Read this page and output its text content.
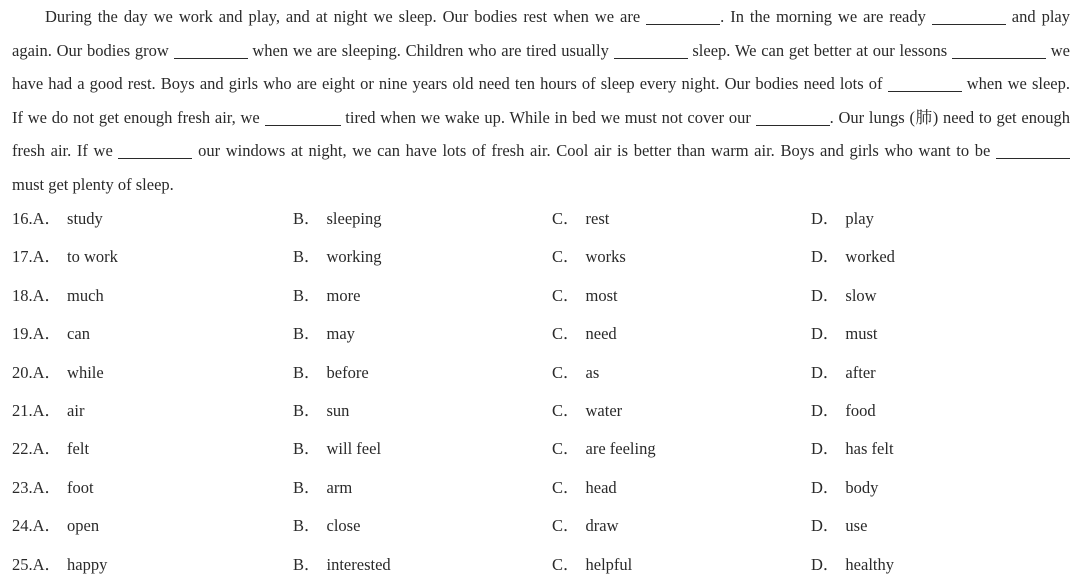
During the day we work and play, and at night we sleep. Our bodies rest when we are	. In the morning we are ready	and play
again. Our bodies grow	when we are sleeping. Children who are tired usually	sleep. We can get better at our lessons	we
have had a good rest. Boys and girls who are eight or nine years old need ten hours of sleep every night. Our bodies need lots of	when we sleep.
If we do not get enough fresh air, we	tired when we wake up. While in bed we must not cover our	. Our lungs (肺) need to get enough
fresh air. If we	our windows at night, we can have lots of fresh air. Cool air is better than warm air. Boys and girls who want to be
must get plenty of sleep.
16.A． study	B． sleeping	C． rest	D． play
17.A． to work	B． working	C． works	D． worked
18.A． much	B． more	C． most	D． slow
19.A． can	B． may	C． need	D． must
20.A． while	B． before	C． as	D． after
21.A． air	B． sun	C． water	D． food
22.A． felt	B． will feel	C． are feeling	D． has felt
23.A． foot	B． arm	C． head	D． body
24.A． open	B． close	C． draw	D． use
25.A． happy	B． interested	C． helpful	D． healthy
